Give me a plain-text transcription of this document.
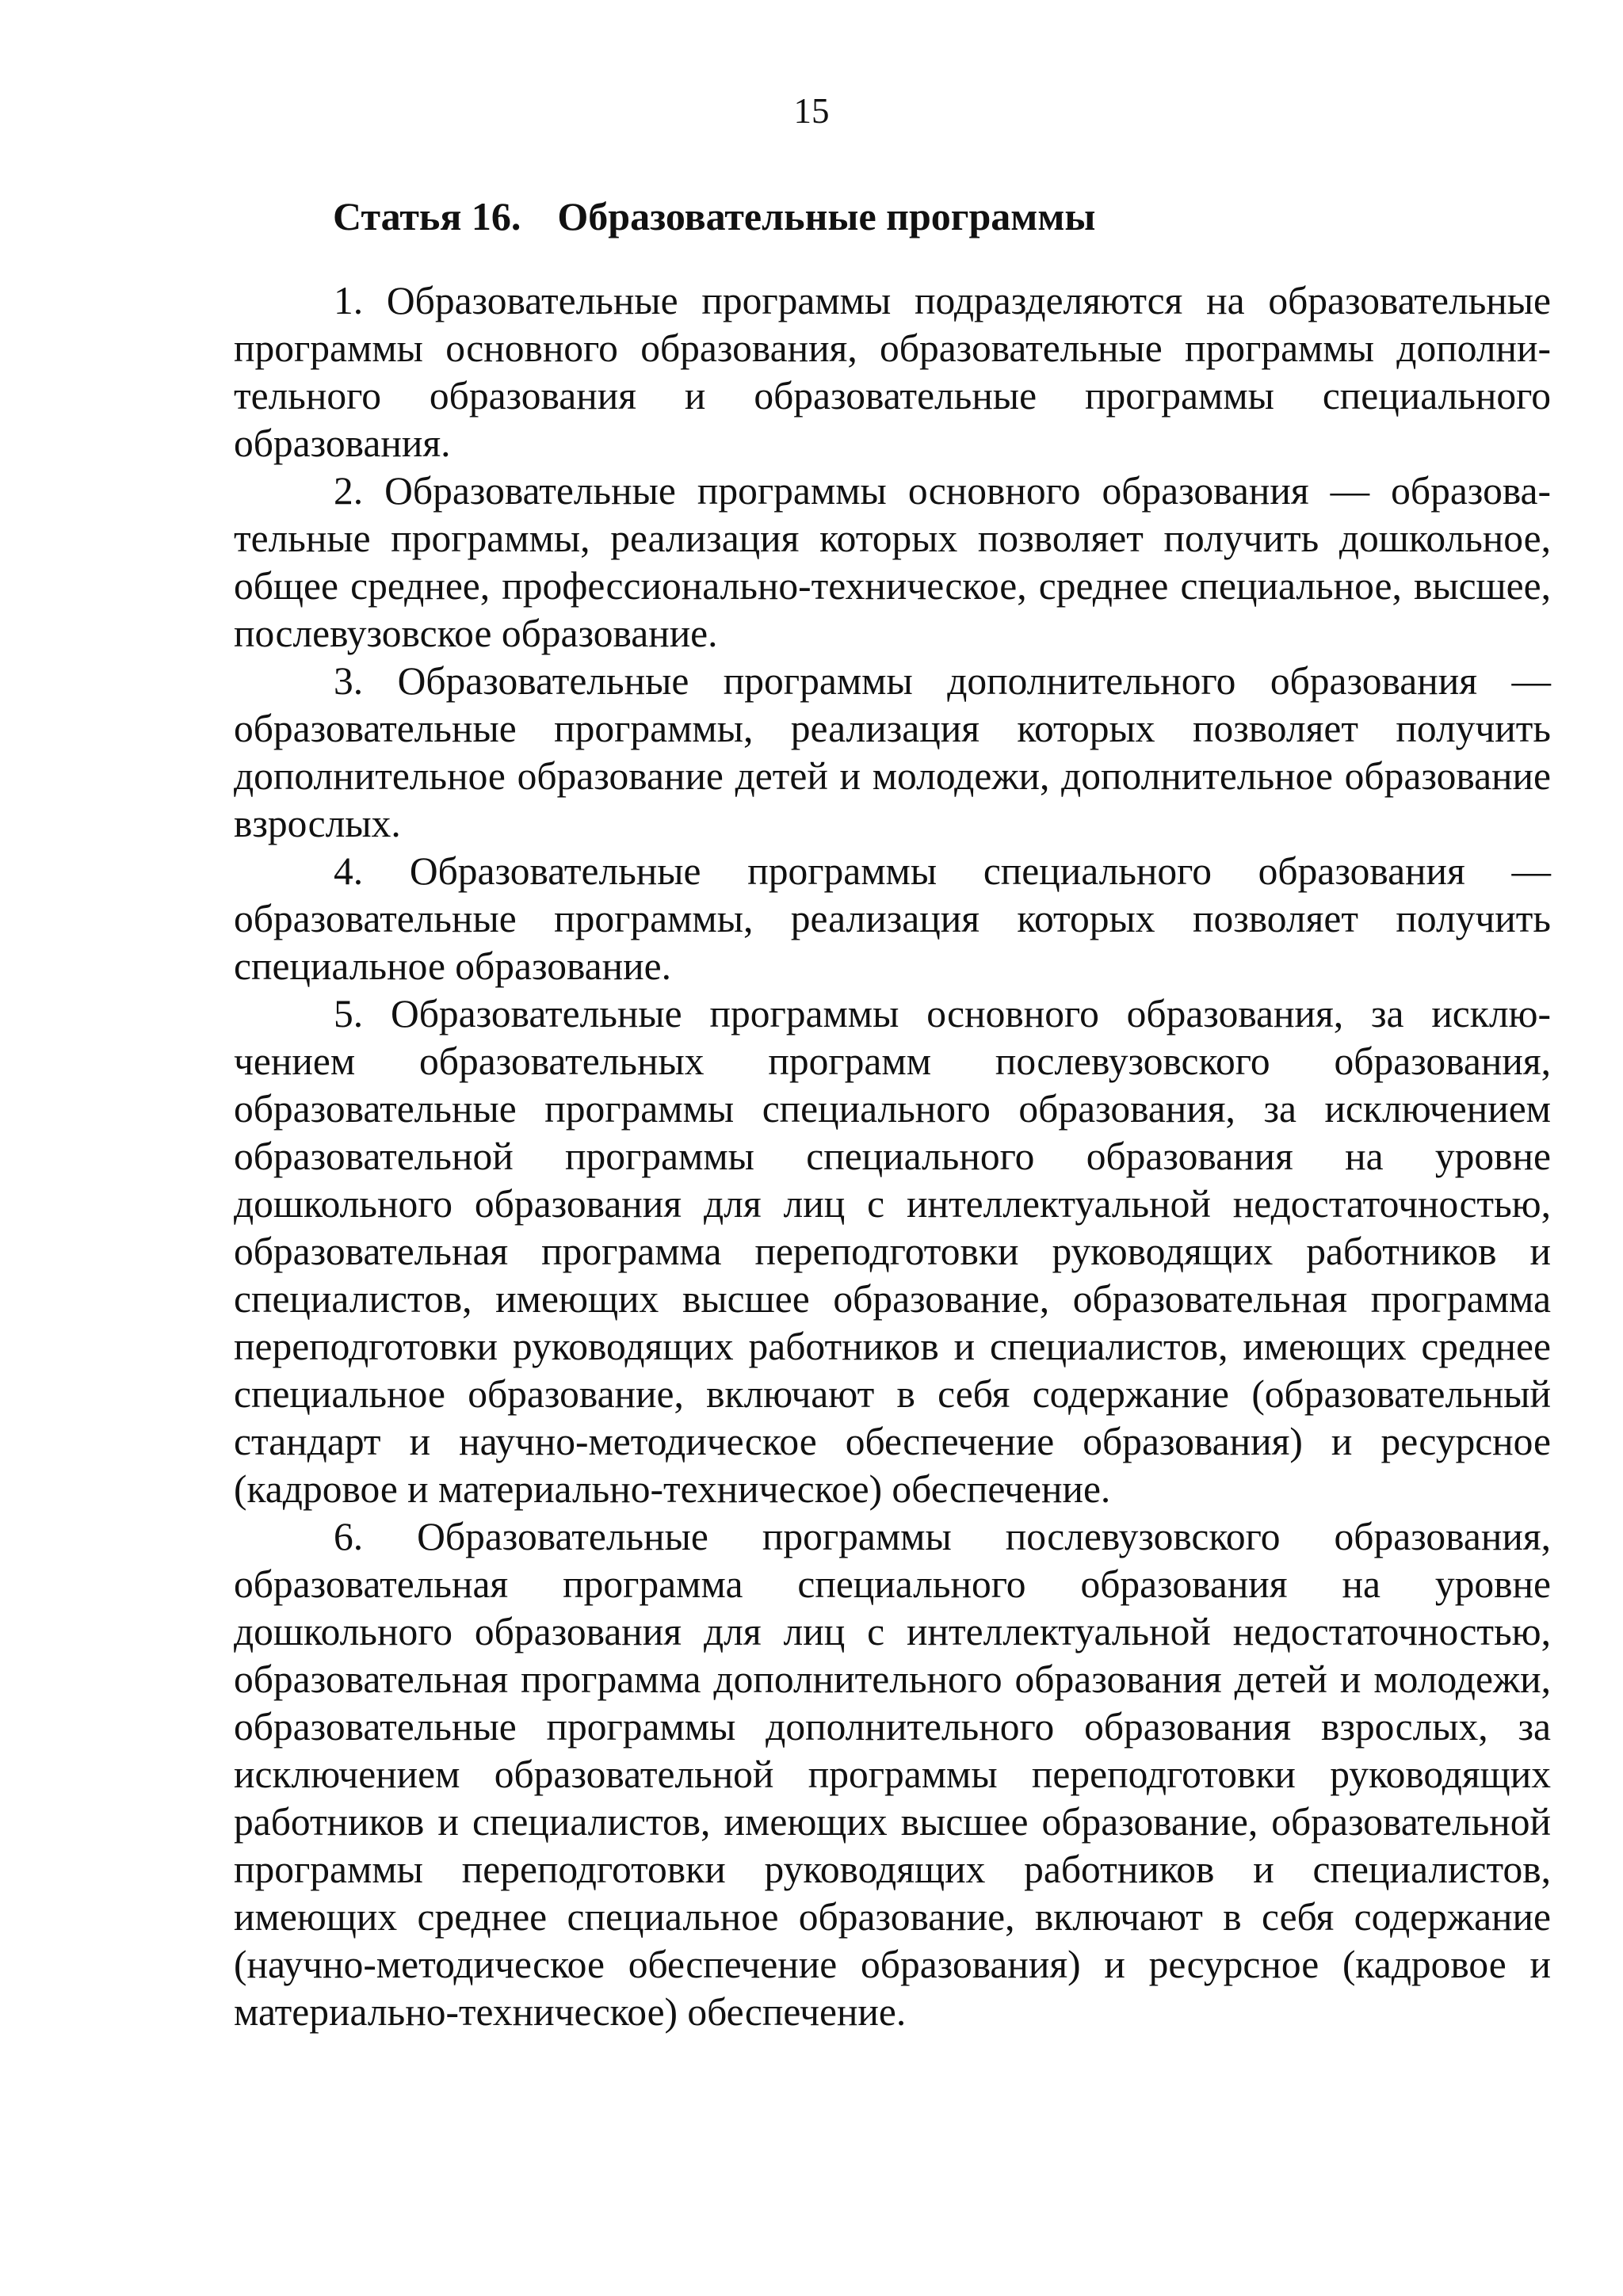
15
Статья 16. Образовательные программы

1. Образовательные программы подразделяются на образовательные программы основного образования, образовательные программы дополнительного образования и образовательные программы специального образования.

2. Образовательные программы основного образования — образовательные программы, реализация которых позволяет получить дошкольное, общее среднее, профессионально-техническое, среднее специальное, высшее, послевузовское образование.

3. Образовательные программы дополнительного образования — образовательные программы, реализация которых позволяет получить дополнительное образование детей и молодежи, дополнительное образование взрослых.

4. Образовательные программы специального образования — образовательные программы, реализация которых позволяет получить специальное образование.

5. Образовательные программы основного образования, за исключением образовательных программ послевузовского образования, образовательные программы специального образования, за исключением образовательной программы специального образования на уровне дошкольного образования для лиц с интеллектуальной недостаточностью, образовательная программа переподготовки руководящих работников и специалистов, имеющих высшее образование, образовательная программа переподготовки руководящих работников и специалистов, имеющих среднее специальное образование, включают в себя содержание (образовательный стандарт и научно-методическое обеспечение образования) и ресурсное (кадровое и материально-техническое) обеспечение.

6. Образовательные программы послевузовского образования, образовательная программа специального образования на уровне дошкольного образования для лиц с интеллектуальной недостаточностью, образовательная программа дополнительного образования детей и молодежи, образовательные программы дополнительного образования взрослых, за исключением образовательной программы переподготовки руководящих работников и специалистов, имеющих высшее образование, образовательной программы переподготовки руководящих работников и специалистов, имеющих среднее специальное образование, включают в себя содержание (научно-методическое обеспечение образования) и ресурсное (кадровое и материально-техническое) обеспечение.
